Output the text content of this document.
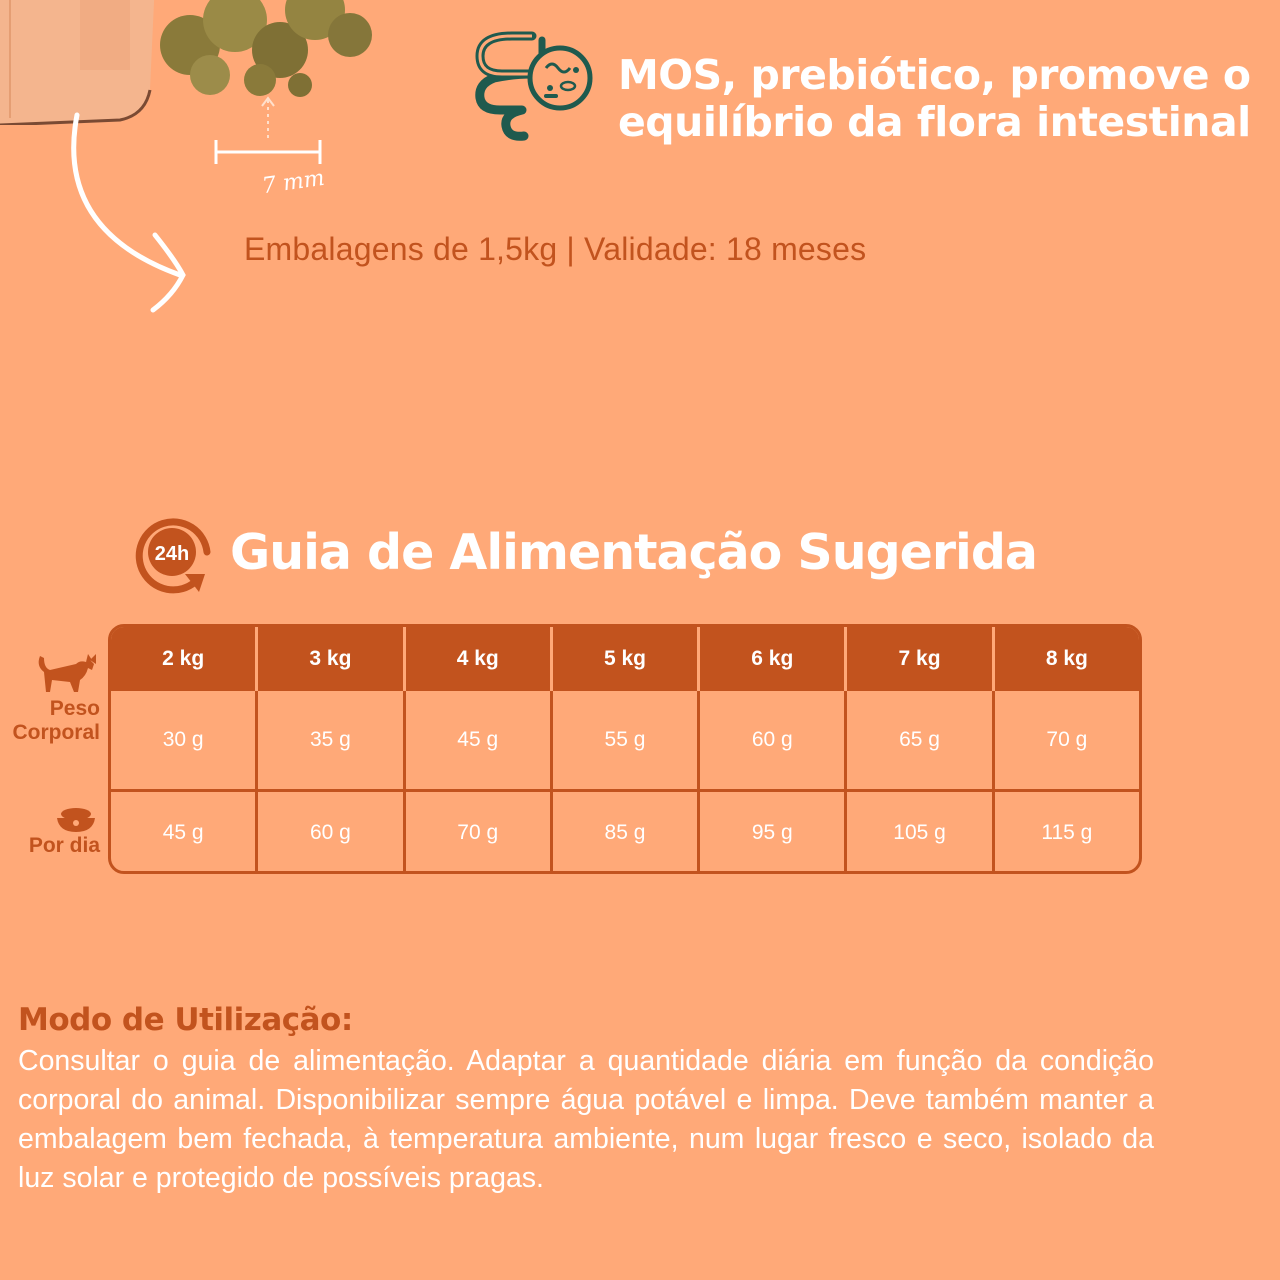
7 mm
MOS, prebiótico, promove o equilíbrio da flora intestinal
Embalagens de 1,5kg | Validade: 18 meses
24h Guia de Alimentação Sugerida
Peso Corporal
Por dia
2 kg	3 kg	4 kg	5 kg	6 kg	7 kg	8 kg
30 g	35 g	45 g	55 g	60 g	65 g	70 g
45 g	60 g	70 g	85 g	95 g	105 g	115 g
Modo de Utilização:
Consultar o guia de alimentação. Adaptar a quantidade diária em função da condição corporal do animal. Disponibilizar sempre água potável e limpa. Deve também manter a embalagem bem fechada, à temperatura ambiente, num lugar fresco e seco, isolado da luz solar e protegido de possíveis pragas.
